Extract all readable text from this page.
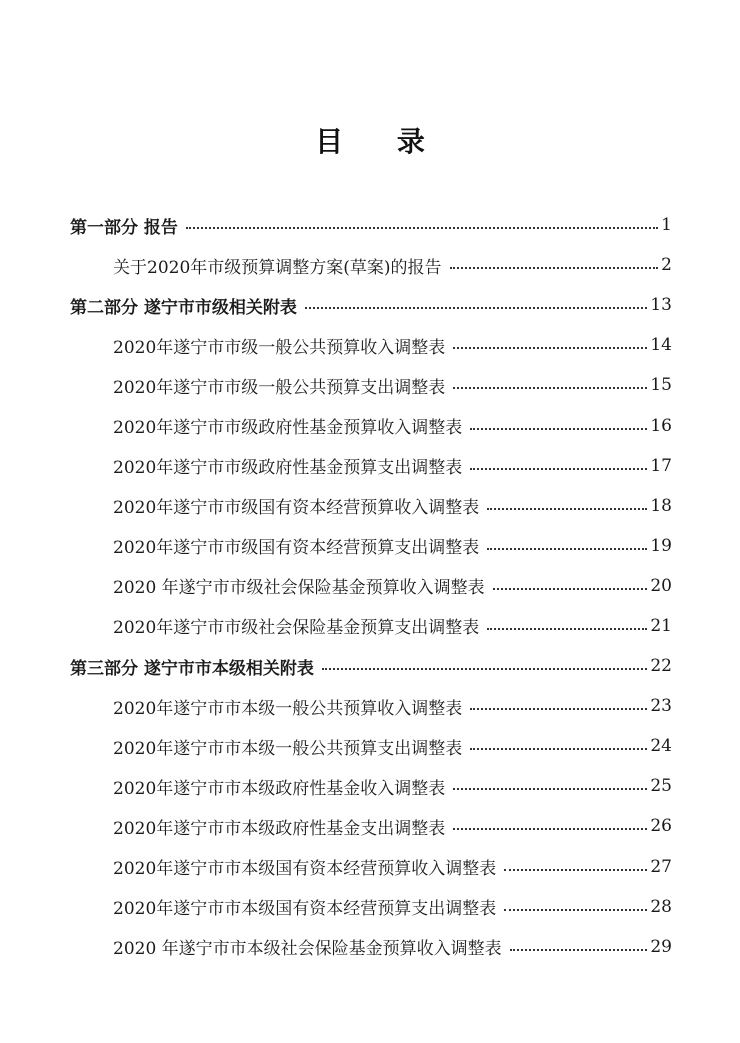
目 录
第一部分 报告	1
关于2020年市级预算调整方案(草案)的报告	2
第二部分 遂宁市市级相关附表	13
2020年遂宁市市级一般公共预算收入调整表	14
2020年遂宁市市级一般公共预算支出调整表	15
2020年遂宁市市级政府性基金预算收入调整表	16
2020年遂宁市市级政府性基金预算支出调整表	17
2020年遂宁市市级国有资本经营预算收入调整表	18
2020年遂宁市市级国有资本经营预算支出调整表	19
2020 年遂宁市市级社会保险基金预算收入调整表	20
2020年遂宁市市级社会保险基金预算支出调整表	21
第三部分 遂宁市市本级相关附表	22
2020年遂宁市市本级一般公共预算收入调整表	23
2020年遂宁市市本级一般公共预算支出调整表	24
2020年遂宁市市本级政府性基金收入调整表	25
2020年遂宁市市本级政府性基金支出调整表	26
2020年遂宁市市本级国有资本经营预算收入调整表	27
2020年遂宁市市本级国有资本经营预算支出调整表	28
2020 年遂宁市市本级社会保险基金预算收入调整表	29
